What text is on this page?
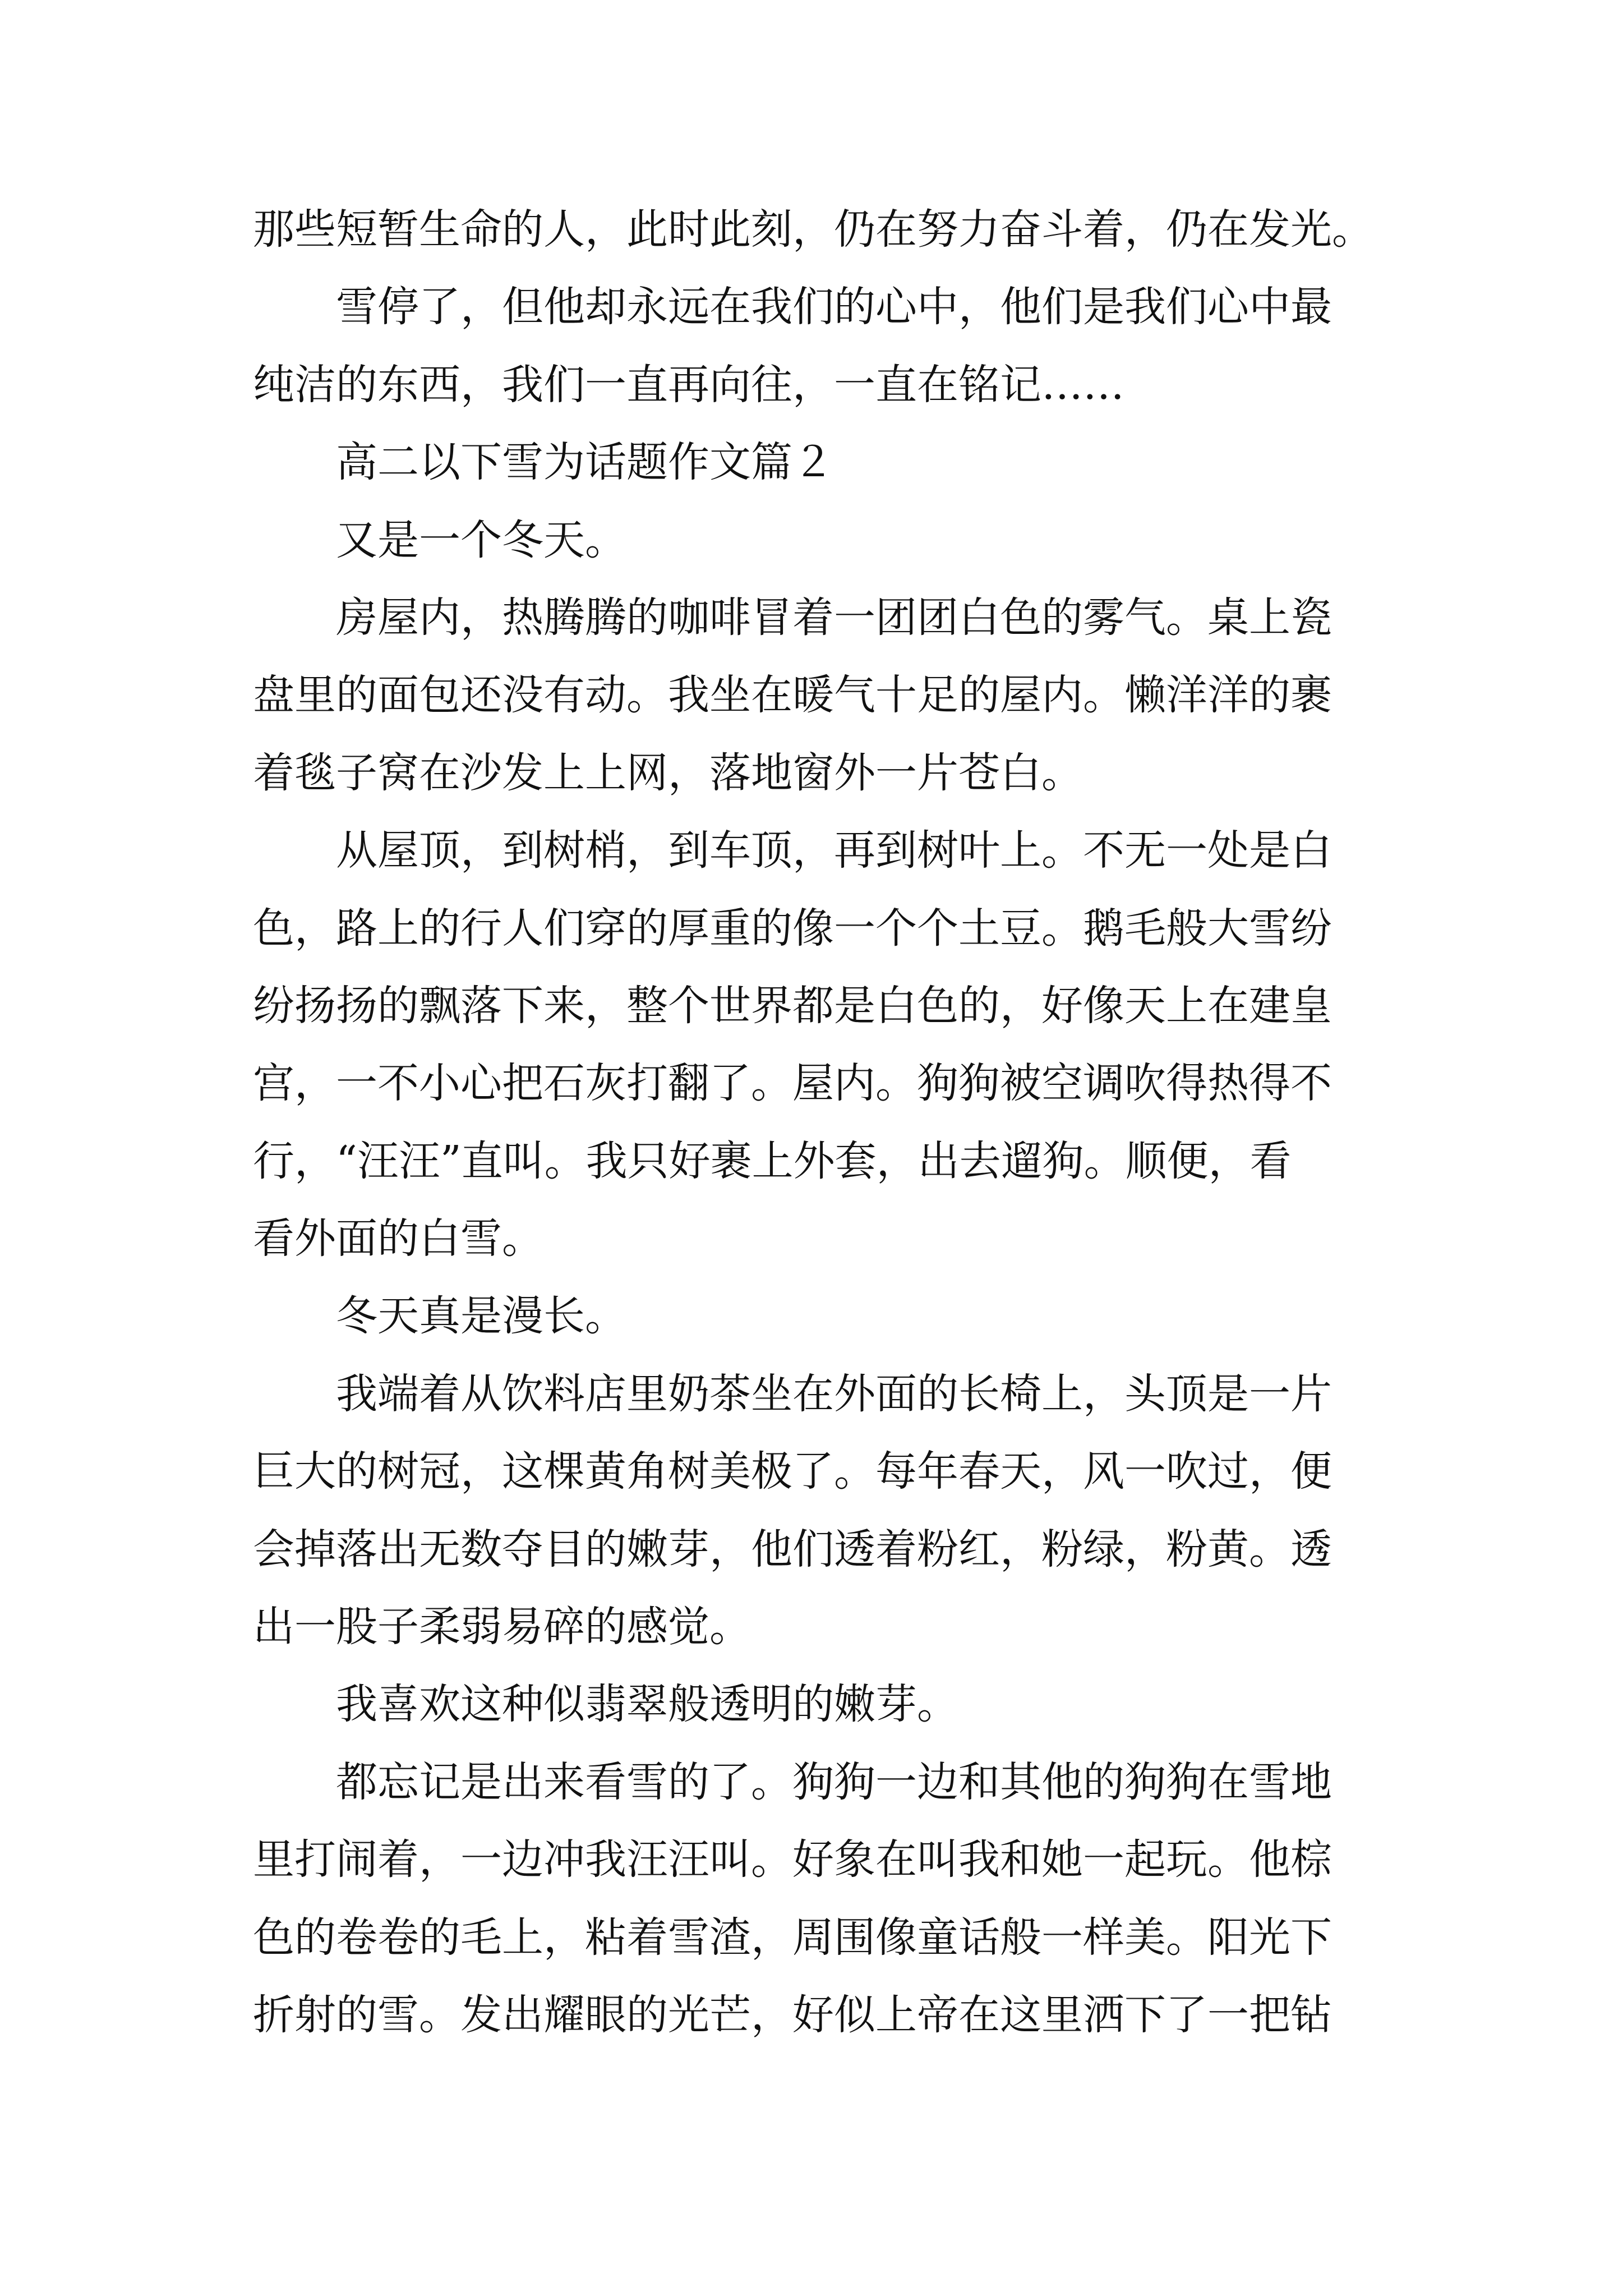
那些短暂生命的人，此时此刻，仍在努力奋斗着，仍在发光。
雪停了，但他却永远在我们的心中，他们是我们心中最
纯洁的东西，我们一直再向往，一直在铭记……
高二以下雪为话题作文篇２
又是一个冬天。
房屋内，热腾腾的咖啡冒着一团团白色的雾气。桌上瓷
盘里的面包还没有动。我坐在暖气十足的屋内。懒洋洋的裹
着毯子窝在沙发上上网，落地窗外一片苍白。
从屋顶，到树梢，到车顶，再到树叶上。不无一处是白
色，路上的行人们穿的厚重的像一个个土豆。鹅毛般大雪纷
纷扬扬的飘落下来，整个世界都是白色的，好像天上在建皇
宫，一不小心把石灰打翻了。屋内。狗狗被空调吹得热得不
行，“汪汪”直叫。我只好裹上外套，出去遛狗。顺便，看
看外面的白雪。
冬天真是漫长。
我端着从饮料店里奶茶坐在外面的长椅上，头顶是一片
巨大的树冠，这棵黄角树美极了。每年春天，风一吹过，便
会掉落出无数夺目的嫩芽，他们透着粉红，粉绿，粉黄。透
出一股子柔弱易碎的感觉。
我喜欢这种似翡翠般透明的嫩芽。
都忘记是出来看雪的了。狗狗一边和其他的狗狗在雪地
里打闹着，一边冲我汪汪叫。好象在叫我和她一起玩。他棕
色的卷卷的毛上，粘着雪渣，周围像童话般一样美。阳光下
折射的雪。发出耀眼的光芒，好似上帝在这里洒下了一把钻
